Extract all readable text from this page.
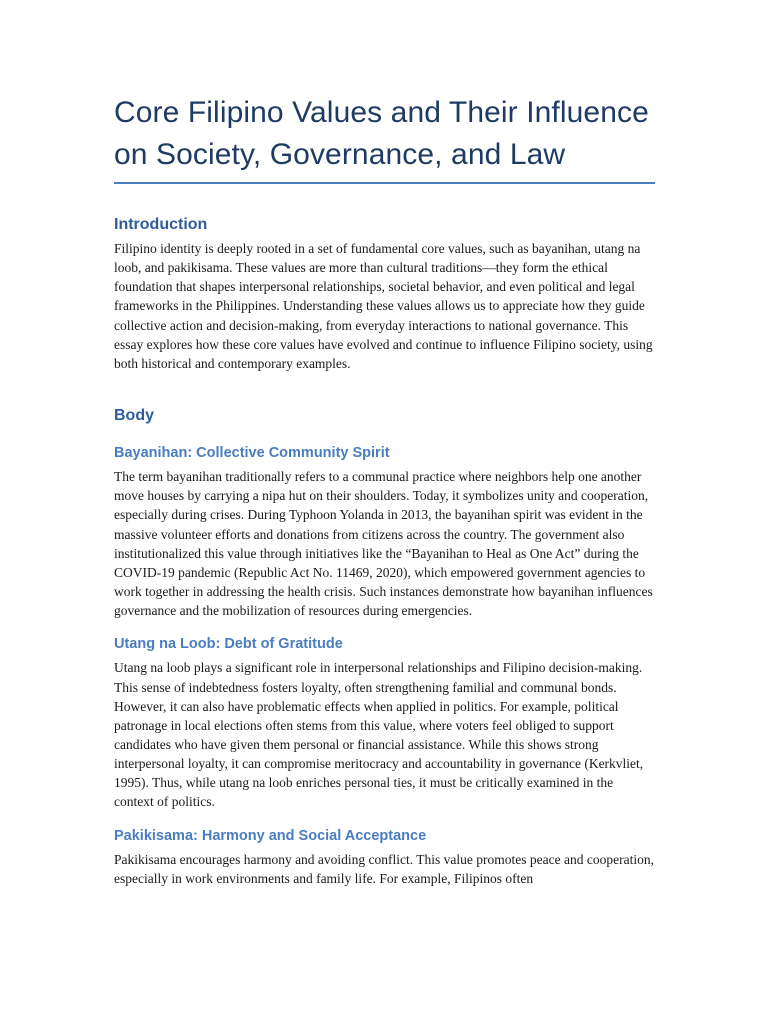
Core Filipino Values and Their Influence on Society, Governance, and Law
Introduction

Filipino identity is deeply rooted in a set of fundamental core values, such as bayanihan, utang na loob, and pakikisama. These values are more than cultural traditions—they form the ethical foundation that shapes interpersonal relationships, societal behavior, and even political and legal frameworks in the Philippines. Understanding these values allows us to appreciate how they guide collective action and decision-making, from everyday interactions to national governance. This essay explores how these core values have evolved and continue to influence Filipino society, using both historical and contemporary examples.

Body
Bayanihan: Collective Community Spirit

The term bayanihan traditionally refers to a communal practice where neighbors help one another move houses by carrying a nipa hut on their shoulders. Today, it symbolizes unity and cooperation, especially during crises. During Typhoon Yolanda in 2013, the bayanihan spirit was evident in the massive volunteer efforts and donations from citizens across the country. The government also institutionalized this value through initiatives like the “Bayanihan to Heal as One Act” during the COVID-19 pandemic (Republic Act No. 11469, 2020), which empowered government agencies to work together in addressing the health crisis. Such instances demonstrate how bayanihan influences governance and the mobilization of resources during emergencies.

Utang na Loob: Debt of Gratitude

Utang na loob plays a significant role in interpersonal relationships and Filipino decision-making. This sense of indebtedness fosters loyalty, often strengthening familial and communal bonds. However, it can also have problematic effects when applied in politics. For example, political patronage in local elections often stems from this value, where voters feel obliged to support candidates who have given them personal or financial assistance. While this shows strong interpersonal loyalty, it can compromise meritocracy and accountability in governance (Kerkvliet, 1995). Thus, while utang na loob enriches personal ties, it must be critically examined in the context of politics.

Pakikisama: Harmony and Social Acceptance

Pakikisama encourages harmony and avoiding conflict. This value promotes peace and cooperation, especially in work environments and family life. For example, Filipinos often
